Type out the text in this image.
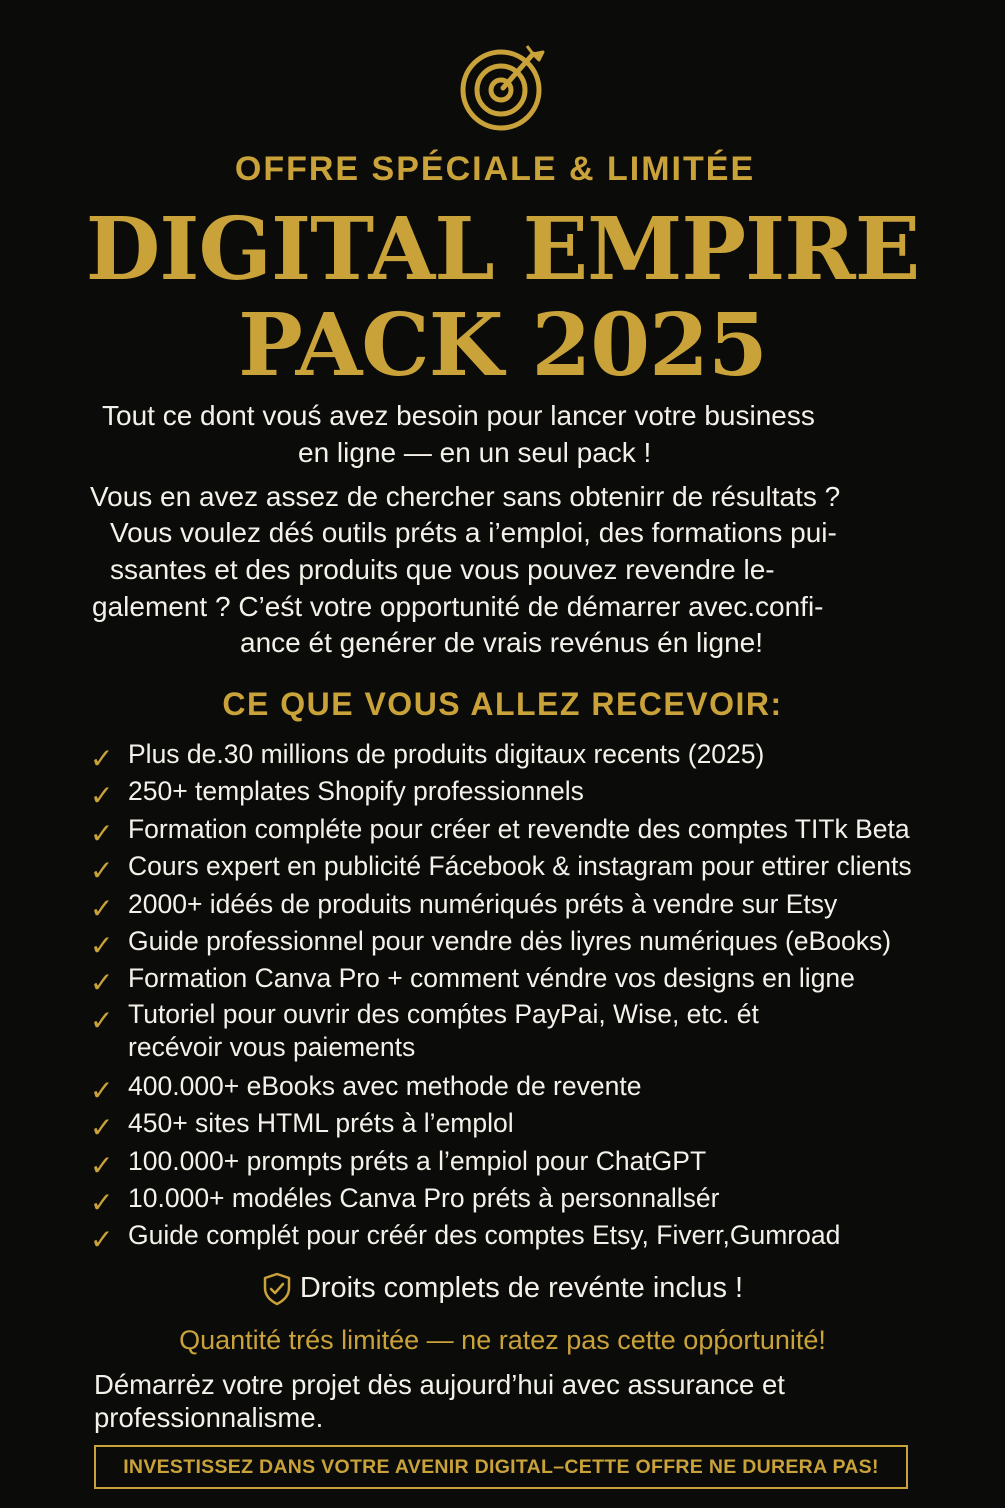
OFFRE SPÉCIALE & LIMITÉE
DIGITAL EMPIRE
PACK 2025
Tout ce dont vouś avez besoin pour lancer votre business
en ligne — en un seul pack !
Vous en avez assez de chercher sans obtenirr de résultats ?
Vous voulez déś outils préts a i’emploi, des formations pui-
ssantes et des produits que vous pouvez revendre le-
galement ? C’eśt votre opportunité de démarrer avec.confi-
ance ét genérer de vrais revénus én ligne!
CE QUE VOUS ALLEZ RECEVOIR:
✓ Plus de.30 millions de produits digitaux recents (2025)
✓ 250+ templates Shopify professionnels
✓ Formation compléte pour créer et revendte des comptes TITk Beta
✓ Cours expert en publicité Fácebook & instagram pour ettirer clients
✓ 2000+ idéés de produits numériqués préts à vendre sur Etsy
✓ Guide professionnel pour vendre dės liyres numériques (eBooks)
✓ Formation Canva Pro + comment véndre vos designs en ligne
✓ Tutoriel pour ouvrir des comṕtes PayPai, Wise, etc. ét
recévoir vous paiements
✓ 400.000+ eBooks avec methode de revente
✓ 450+ sites HTML préts à l’emplol
✓ 100.000+ prompts préts a l’empiol pour ChatGPT
✓ 10.000+ modéles Canva Pro préts à personnallsér
✓ Guide complét pour créér des comptes Etsy, Fiverr,Gumroad
Droits complets de revénte inclus !
Quantité trés limitée — ne ratez pas cette opṕortunité!
Démarrėz votre projet dės aujourd’hui avec assurance et
professionnalisme.
INVESTISSEZ DANS VOTRE AVENIR DIGITAL–CETTE OFFRE NE DURERA PAS!
